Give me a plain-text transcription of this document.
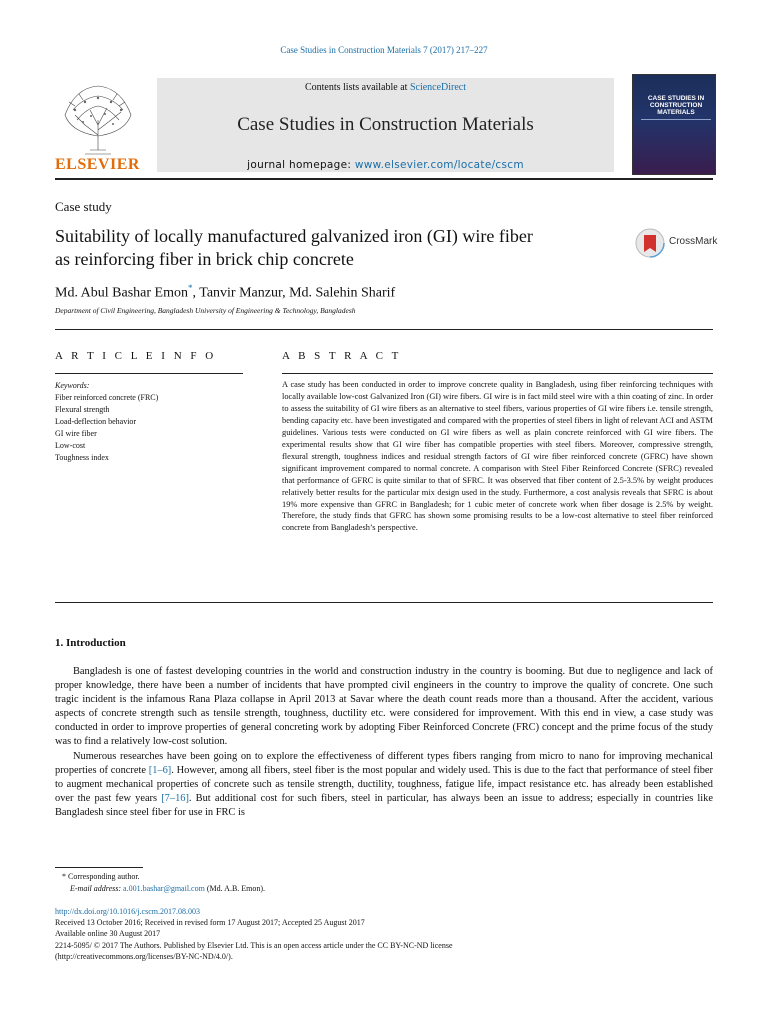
Case Studies in Construction Materials 7 (2017) 217–227
ELSEVIER
Contents lists available at ScienceDirect
Case Studies in Construction Materials
journal homepage: www.elsevier.com/locate/cscm
CASE STUDIES IN
CONSTRUCTION
MATERIALS
Case study
Suitability of locally manufactured galvanized iron (GI) wire fiber
as reinforcing fiber in brick chip concrete
CrossMark
Md. Abul Bashar Emon*, Tanvir Manzur, Md. Salehin Sharif
Department of Civil Engineering, Bangladesh University of Engineering & Technology, Bangladesh
A R T I C L E I N F O	A B S T R A C T
Keywords:
Fiber reinforced concrete (FRC)
Flexural strength
Load-deflection behavior
GI wire fiber
Low-cost
Toughness index
A case study has been conducted in order to improve concrete quality in Bangladesh, using fiber reinforcing techniques with locally available low-cost Galvanized Iron (GI) wire fibers. GI wire is in fact mild steel wire with a thin coating of zinc. In order to assess the suitability of GI wire fibers as an alternative to steel fibers, various properties of GI wire fibers i.e. tensile strength, bending capacity etc. have been investigated and compared with the properties of steel fibers in light of relevant ACI and ASTM guidelines. Various tests were conducted on GI wire fibers as well as plain concrete reinforced with GI wire fibers. The experimental results show that GI wire fiber has compatible properties with steel fibers. Moreover, compressive strength, flexural strength, toughness indices and residual strength factors of GI wire fiber reinforced concrete (GFRC) have shown significant improvement compared to normal concrete. A comparison with Steel Fiber Reinforced Concrete (SFRC) revealed that performance of GFRC is quite similar to that of SFRC. It was observed that fiber content of 2.5-3.5% by weight produces relatively better results for the particular mix design used in the study. Furthermore, a cost analysis reveals that SFRC is about 19% more expensive than GFRC in Bangladesh; for 1 cubic meter of concrete work when fiber dosage is 2.5% by weight. Therefore, the study finds that GFRC has shown some promising results to be a low-cost alternative to steel fiber reinforced concrete from Bangladesh’s perspective.
1. Introduction

Bangladesh is one of fastest developing countries in the world and construction industry in the country is booming. But due to negligence and lack of proper knowledge, there have been a number of incidents that have prompted civil engineers in the country to improve the quality of concrete. One such tragic incident is the infamous Rana Plaza collapse in April 2013 at Savar where the death count reads more than a thousand. After the accident, various aspects of concrete strength such as tensile strength, toughness, ductility etc. were considered for improvement. With this end in view, a case study was conducted in order to improve properties of general concreting work by adopting Fiber Reinforced Concrete (FRC) concept and the prime focus of the study was to find a relatively low-cost solution.

Numerous researches have been going on to explore the effectiveness of different types fibers ranging from micro to nano for improving mechanical properties of concrete [1–6]. However, among all fibers, steel fiber is the most popular and widely used. This is due to the fact that performance of steel fiber to augment mechanical properties of concrete such as tensile strength, ductility, toughness, fatigue life, impact resistance etc. has already been established over the past few years [7–16]. But additional cost for such fibers, steel in particular, has always been an issue to address; especially in countries like Bangladesh since steel fiber for use in FRC is

* Corresponding author.
E-mail address: a.001.bashar@gmail.com (Md. A.B. Emon).
http://dx.doi.org/10.1016/j.cscm.2017.08.003
Received 13 October 2016; Received in revised form 17 August 2017; Accepted 25 August 2017
Available online 30 August 2017
2214-5095/ © 2017 The Authors. Published by Elsevier Ltd. This is an open access article under the CC BY-NC-ND license
(http://creativecommons.org/licenses/BY-NC-ND/4.0/).
